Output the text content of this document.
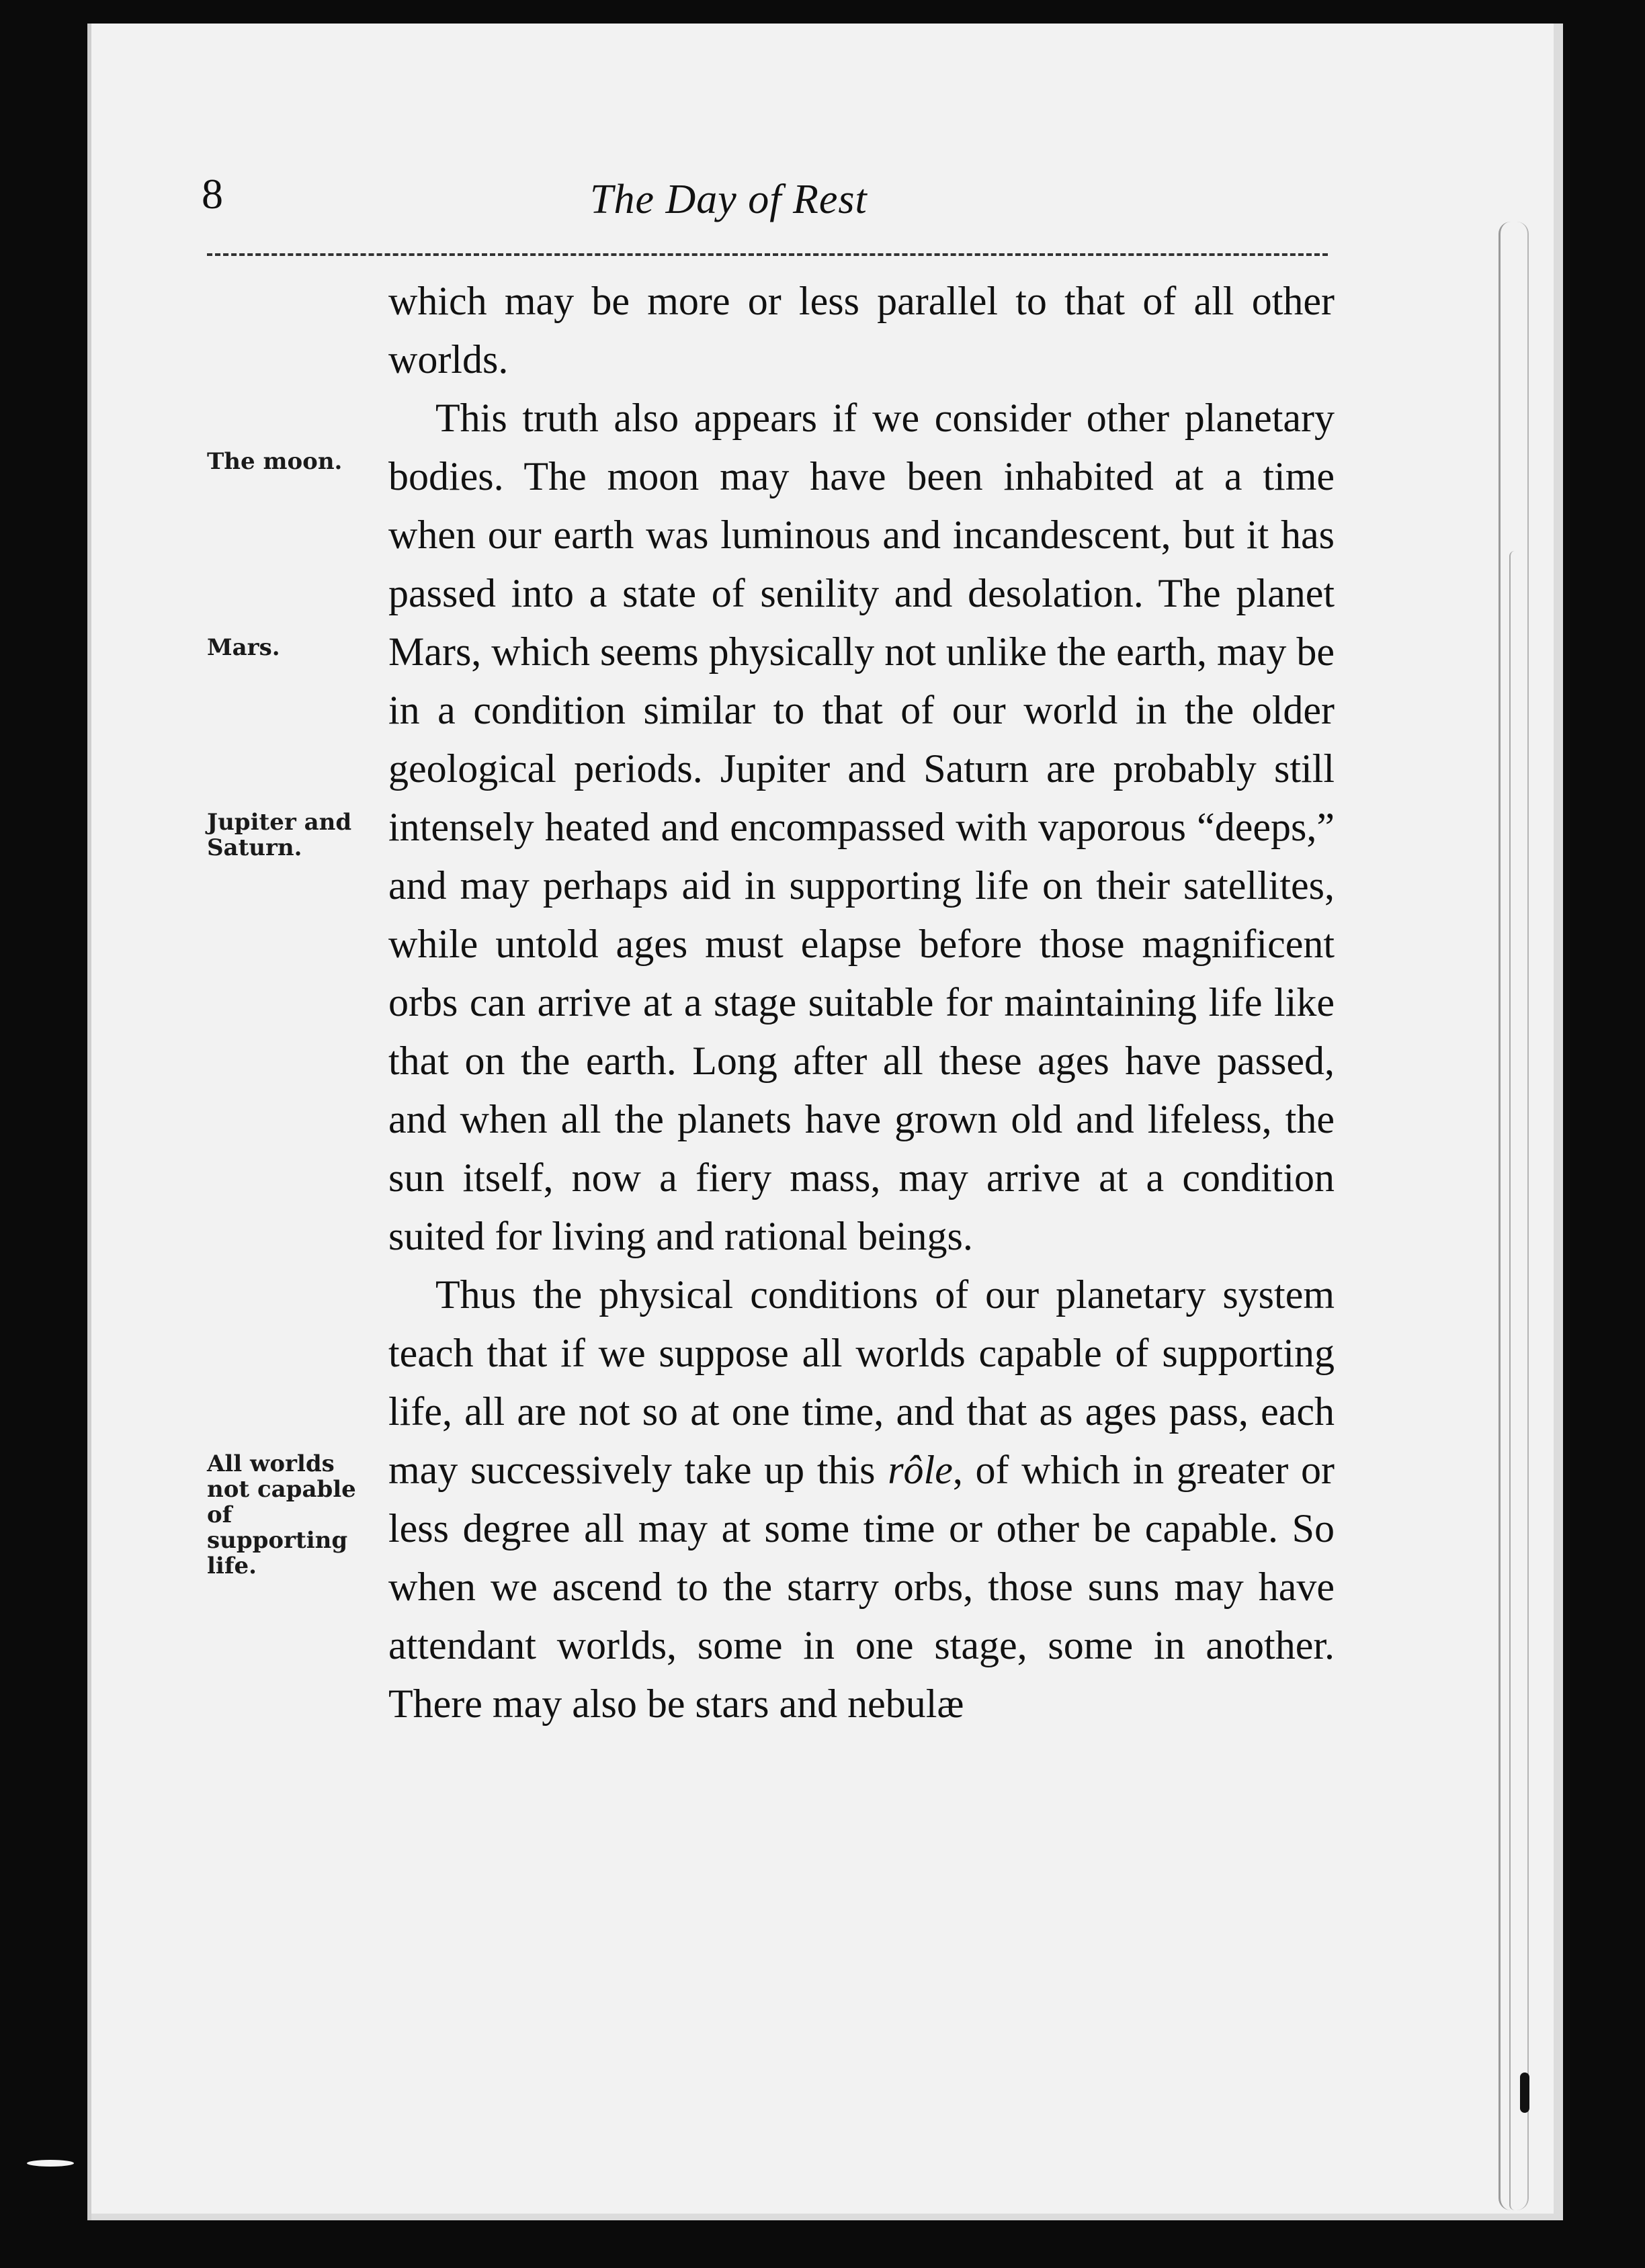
8	The Day of Rest
The moon.
Mars.
Jupiter and Saturn.
All worlds not capable of supporting life.

which may be more or less parallel to that of all other worlds.

This truth also appears if we consider other planetary bodies. The moon may have been inhabited at a time when our earth was luminous and incandescent, but it has passed into a state of senility and desolation. The planet Mars, which seems physically not unlike the earth, may be in a condition similar to that of our world in the older geological periods. Jupiter and Saturn are probably still intensely heated and encompassed with vaporous “deeps,” and may perhaps aid in supporting life on their satellites, while untold ages must elapse before those magnificent orbs can arrive at a stage suitable for maintaining life like that on the earth. Long after all these ages have passed, and when all the planets have grown old and lifeless, the sun itself, now a fiery mass, may arrive at a condition suited for living and rational beings.

Thus the physical conditions of our planetary system teach that if we suppose all worlds capable of supporting life, all are not so at one time, and that as ages pass, each may successively take up this rôle, of which in greater or less degree all may at some time or other be capable. So when we ascend to the starry orbs, those suns may have attendant worlds, some in one stage, some in another. There may also be stars and nebulæ
